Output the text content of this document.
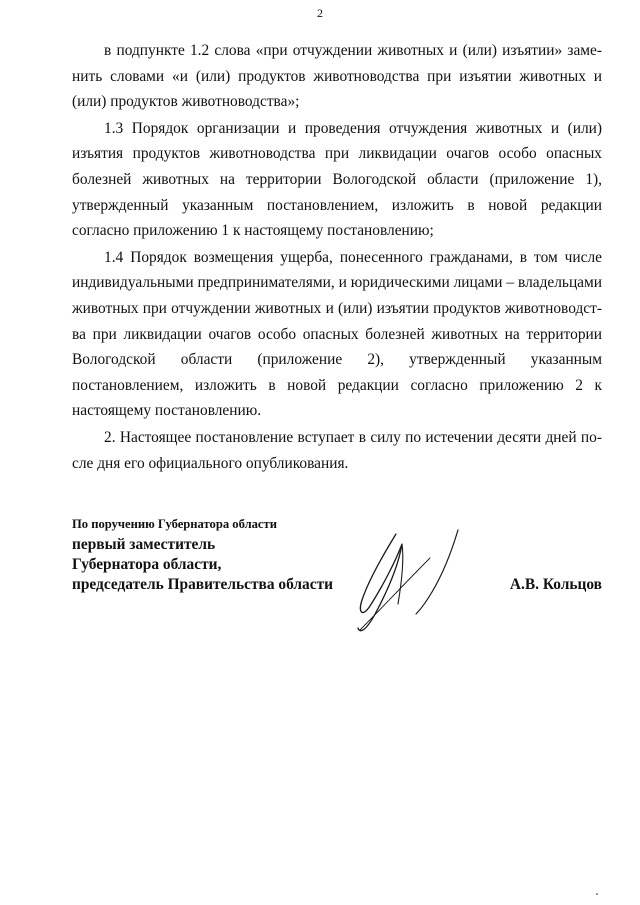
2

в подпункте 1.2 слова «при отчуждении животных и (или) изъятии» заменить словами «и (или) продуктов животноводства при изъятии животных и (или) продуктов животноводства»;

1.3 Порядок организации и проведения отчуждения животных и (или) изъятия продуктов животноводства при ликвидации очагов особо опасных болезней животных на территории Вологодской области (приложение 1), утвержденный указанным постановлением, изложить в новой редакции согласно приложению 1 к настоящему постановлению;

1.4 Порядок возмещения ущерба, понесенного гражданами, в том числе индивидуальными предпринимателями, и юридическими лицами – владельцами животных при отчуждении животных и (или) изъятии продуктов животноводства при ликвидации очагов особо опасных болезней животных на территории Вологодской области (приложение 2), утвержденный указанным постановлением, изложить в новой редакции согласно приложению 2 к настоящему постановлению.

2. Настоящее постановление вступает в силу по истечении десяти дней после дня его официального опубликования.

По поручению Губернатора области
первый заместитель
Губернатора области,
председатель Правительства области	А.В. Кольцов
